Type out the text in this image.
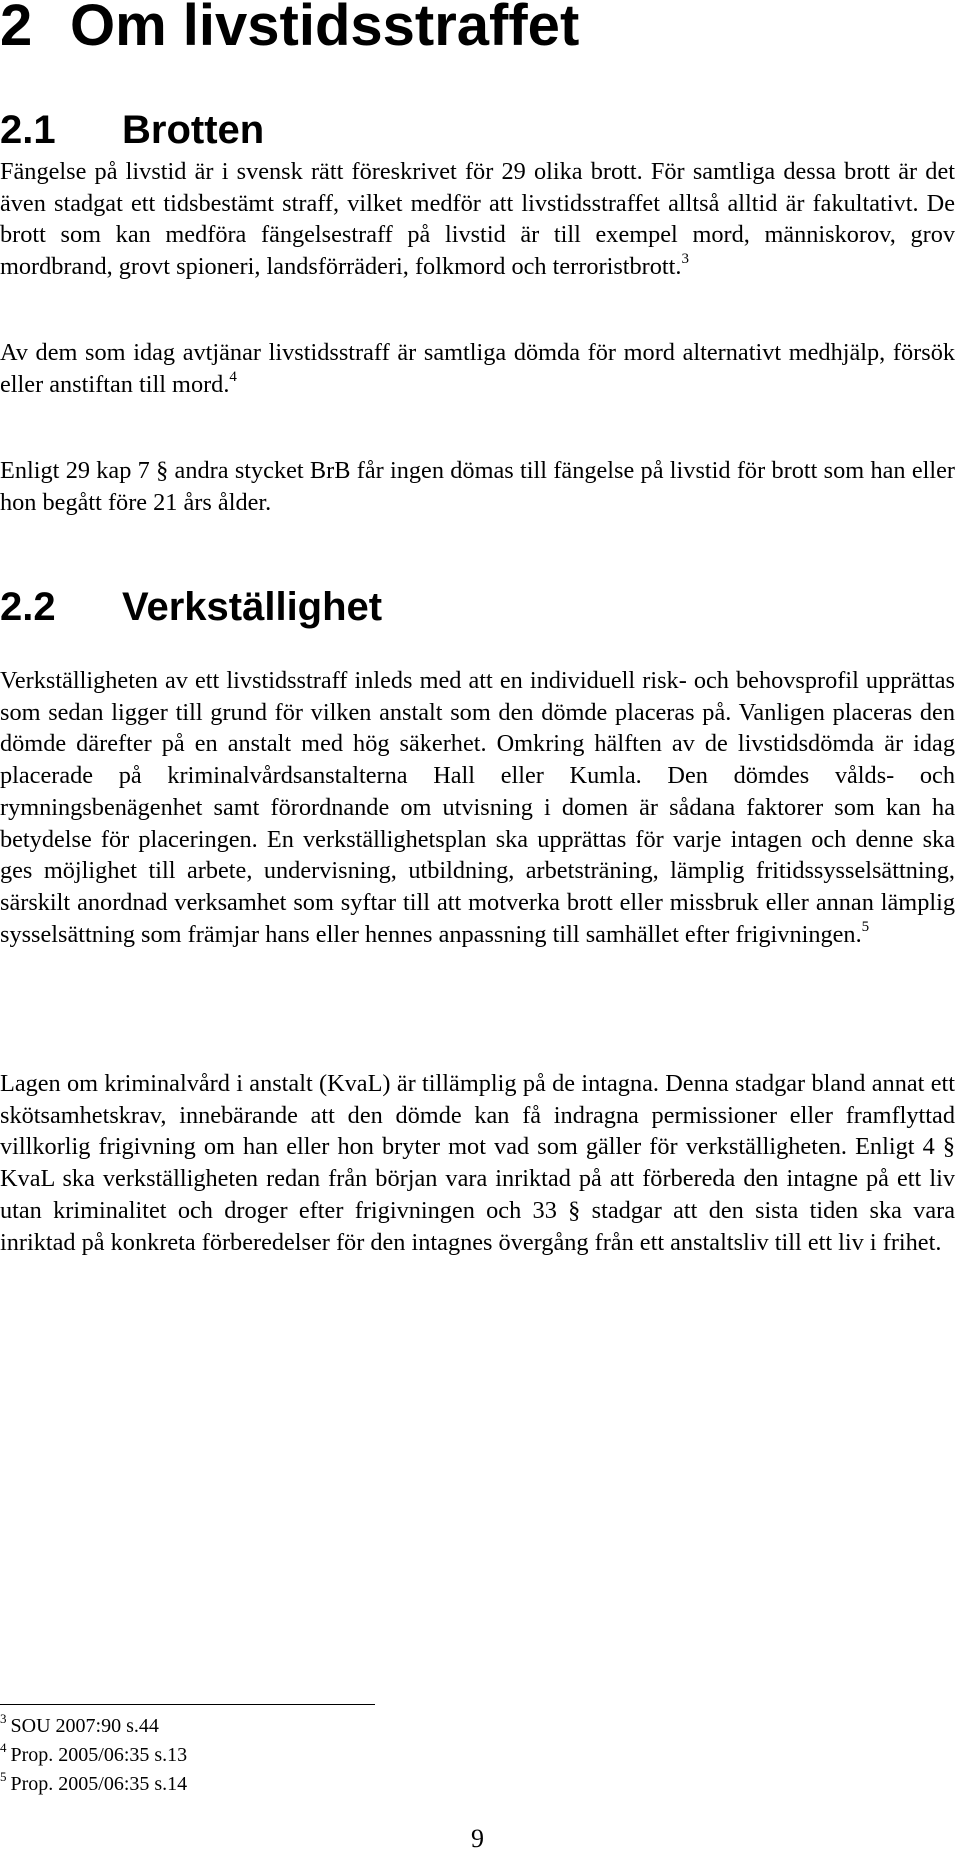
2 Om livstidsstraffet
2.1 Brotten

Fängelse på livstid är i svensk rätt föreskrivet för 29 olika brott. För samtliga dessa brott är det även stadgat ett tidsbestämt straff, vilket medför att livstidsstraffet alltså alltid är fakultativt. De brott som kan medföra fängelsestraff på livstid är till exempel mord, människorov, grov mordbrand, grovt spioneri, landsförräderi, folkmord och terroristbrott.$^3$

Av dem som idag avtjänar livstidsstraff är samtliga dömda för mord alternativt medhjälp, försök eller anstiftan till mord.$^4$

Enligt 29 kap 7 § andra stycket BrB får ingen dömas till fängelse på livstid för brott som han eller hon begått före 21 års ålder.

2.2 Verkställighet

Verkställigheten av ett livstidsstraff inleds med att en individuell risk- och behovsprofil upprättas som sedan ligger till grund för vilken anstalt som den dömde placeras på. Vanligen placeras den dömde därefter på en anstalt med hög säkerhet. Omkring hälften av de livstidsdömda är idag placerade på kriminalvårdsanstalterna Hall eller Kumla. Den dömdes vålds- och rymningsbenägenhet samt förordnande om utvisning i domen är sådana faktorer som kan ha betydelse för placeringen. En verkställighetsplan ska upprättas för varje intagen och denne ska ges möjlighet till arbete, undervisning, utbildning, arbetsträning, lämplig fritidssysselsättning, särskilt anordnad verksamhet som syftar till att motverka brott eller missbruk eller annan lämplig sysselsättning som främjar hans eller hennes anpassning till samhället efter frigivningen.$^5$

Lagen om kriminalvård i anstalt (KvaL) är tillämplig på de intagna. Denna stadgar bland annat ett skötsamhetskrav, innebärande att den dömde kan få indragna permissioner eller framflyttad villkorlig frigivning om han eller hon bryter mot vad som gäller för verkställigheten. Enligt 4 § KvaL ska verkställigheten redan från början vara inriktad på att förbereda den intagne på ett liv utan kriminalitet och droger efter frigivningen och 33 § stadgar att den sista tiden ska vara inriktad på konkreta förberedelser för den intagnes övergång från ett anstaltsliv till ett liv i frihet.

$^3$ SOU 2007:90 s.44
$^4$ Prop. 2005/06:35 s.13
$^5$ Prop. 2005/06:35 s.14
9
